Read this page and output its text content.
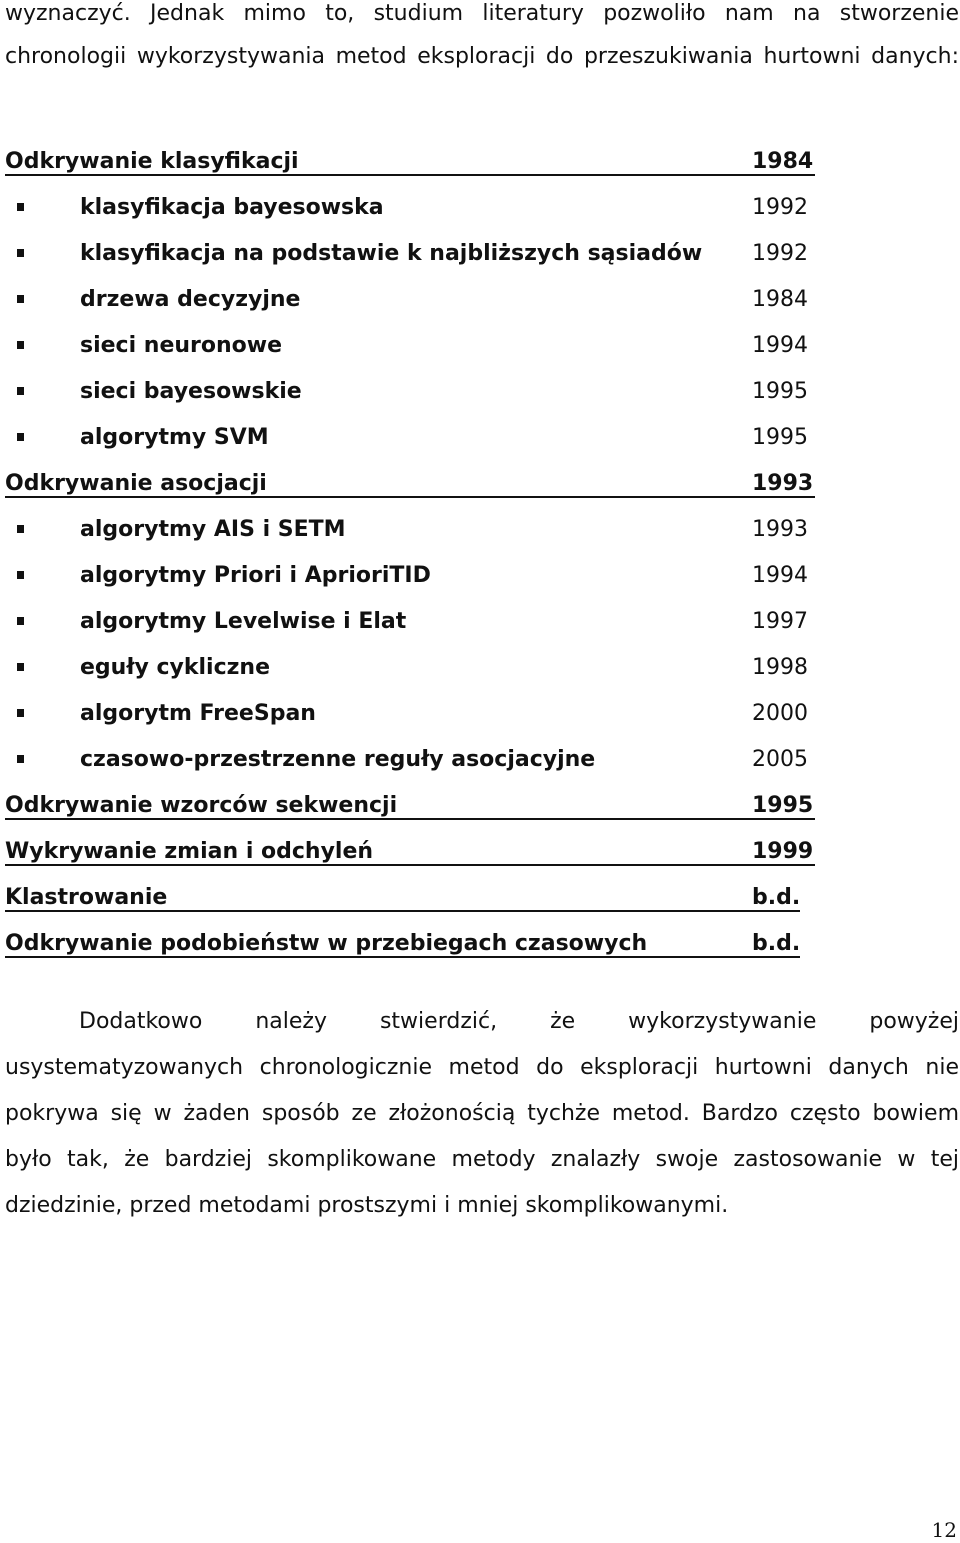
wyznaczyć. Jednak mimo to, studium literatury pozwoliło nam na stworzenie
chronologii wykorzystywania metod eksploracji do przeszukiwania hurtowni danych:
Odkrywanie klasyfikacji	1984
klasyfikacja bayesowska	1992
klasyfikacja na podstawie k najbliższych sąsiadów 1992
drzewa decyzyjne	1984
sieci neuronowe	1994
sieci bayesowskie	1995
algorytmy SVM	1995
Odkrywanie asocjacji	1993
algorytmy AIS i SETM	1993
algorytmy Priori i AprioriTID	1994
algorytmy Levelwise i Elat	1997
eguły cykliczne	1998
algorytm FreeSpan	2000
czasowo-przestrzenne reguły asocjacyjne	2005
Odkrywanie wzorców sekwencji	1995
Wykrywanie zmian i odchyleń	1999
Klastrowanie	b.d.
Odkrywanie podobieństw w przebiegach czasowych	b.d.
Dodatkowo należy stwierdzić, że wykorzystywanie powyżej
usystematyzowanych chronologicznie metod do eksploracji hurtowni danych nie
pokrywa się w żaden sposób ze złożonością tychże metod. Bardzo często bowiem
było tak, że bardziej skomplikowane metody znalazły swoje zastosowanie w tej
dziedzinie, przed metodami prostszymi i mniej skomplikowanymi.
12
